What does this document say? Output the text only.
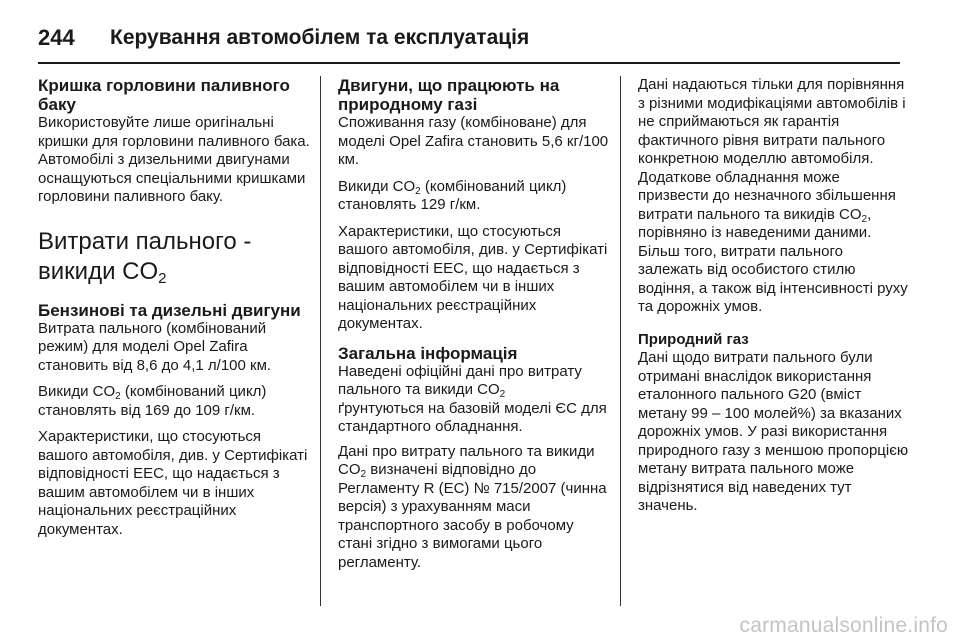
244	Керування автомобілем та експлуатація
Кришка горловини паливного баку

Використовуйте лише оригінальні кришки для горловини паливного бака. Автомобілі з дизельними двигунами оснащуються спеціальними кришками горловини паливного баку.

Витрати пального -
викиди $CO_2$
Бензинові та дизельні двигуни

Витрата пального (комбінований режим) для моделі Opel Zafira становить від 8,6 до 4,1 л/100 км.

Викиди $CO_2$ (комбінований цикл) становлять від 169 до 109 г/км.

Характеристики, що стосуються вашого автомобіля, див. у Сертифікаті відповідності ЕЕС, що надається з вашим автомобілем чи в інших національних реєстраційних документах.

Двигуни, що працюють на природному газі

Споживання газу (комбіноване) для моделі Opel Zafira становить 5,6 кг/100 км.

Викиди $CO_2$ (комбінований цикл) становлять 129 г/км.

Характеристики, що стосуються вашого автомобіля, див. у Сертифікаті відповідності ЕЕС, що надається з вашим автомобілем чи в інших національних реєстраційних документах.

Загальна інформація

Наведені офіційні дані про витрату пального та викиди $CO_2$
ґрунтуються на базовій моделі ЄС для стандартного обладнання.

Дані про витрату пального та викиди $CO_2$ визначені відповідно до Регламенту R (EC) № 715/2007 (чинна версія) з урахуванням маси транспортного засобу в робочому стані згідно з вимогами цього регламенту.

Дані надаються тільки для порівняння з різними модифікаціями автомобілів і не сприймаються як гарантія фактичного рівня витрати пального конкретною моделлю автомобіля. Додаткове обладнання може призвести до незначного збільшення витрати пального та викидів $CO_2$, порівняно із наведеними даними. Більш того, витрати пального залежать від особистого стилю водіння, а також від інтенсивності руху та дорожніх умов.

Природний газ

Дані щодо витрати пального були отримані внаслідок використання еталонного пального G20 (вміст метану 99 – 100 молей%) за вказаних дорожніх умов. У разі використання природного газу з меншою пропорцією метану витрата пального може відрізнятися від наведених тут значень.

carmanualsonline.info
